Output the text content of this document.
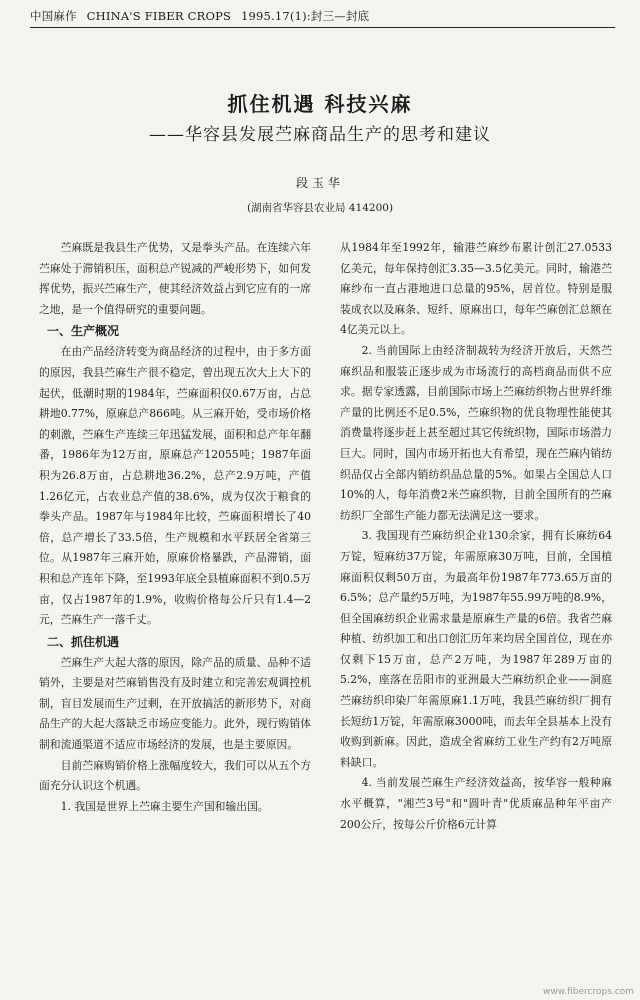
中国麻作 CHINA'S FIBER CROPS 1995.17(1):封三—封底
抓住机遇 科技兴麻
——华容县发展苎麻商品生产的思考和建议
段玉华
(湖南省华容县农业局 414200)

苎麻既是我县生产优势，又是拳头产品。在连续六年苎麻处于滞销积压，面积总产锐减的严峻形势下，如何发挥优势，振兴苎麻生产，使其经济效益占到它应有的一席之地，是一个值得研究的重要问题。

一、生产概况

在由产品经济转变为商品经济的过程中，由于多方面的原因，我县苎麻生产很不稳定，曾出现五次大上大下的起伏，低潮时期的1984年，苎麻面积仅0.67万亩，占总耕地0.77%，原麻总产866吨。从三麻开始，受市场价格的刺激，苎麻生产连续三年迅猛发展，面积和总产年年翻番，1986年为12万亩，原麻总产12055吨；1987年面积为26.8万亩，占总耕地36.2%，总产2.9万吨，产值1.26亿元，占农业总产值的38.6%，成为仅次于粮食的拳头产品。1987年与1984年比较，苎麻面积增长了40倍，总产增长了33.5倍，生产规模和水平跃居全省第三位。从1987年三麻开始，原麻价格暴跌，产品滞销，面积和总产连年下降，至1993年底全县植麻面积不到0.5万亩，仅占1987年的1.9%，收购价格每公斤只有1.4—2元，苎麻生产一落千丈。

二、抓住机遇

苎麻生产大起大落的原因，除产品的质量、品种不适销外，主要是对苎麻销售没有及时建立和完善宏观调控机制，盲目发展而生产过剩，在开放搞活的新形势下，对商品生产的大起大落缺乏市场应变能力。此外，现行购销体制和流通渠道不适应市场经济的发展，也是主要原因。

目前苎麻购销价格上涨幅度较大，我们可以从五个方面充分认识这个机遇。

1. 我国是世界上苎麻主要生产国和输出国。

从1984年至1992年，输港苎麻纱布累计创汇27.0533亿美元，每年保持创汇3.35—3.5亿美元。同时，输港苎麻纱布一直占港地进口总量的95%，居首位。特别是服装成衣以及麻条、短纤、原麻出口，每年苎麻创汇总额在4亿美元以上。

2. 当前国际上由经济制裁转为经济开放后，天然苎麻织品和服装正逐步成为市场流行的高档商品而供不应求。据专家透露，目前国际市场上苎麻纺织物占世界纤维产量的比例还不足0.5%，苎麻织物的优良物理性能使其消费量将逐步赶上甚至超过其它传统织物，国际市场潜力巨大。同时，国内市场开拓也大有希望，现在苎麻内销纺织品仅占全部内销纺织品总量的5%。如果占全国总人口10%的人，每年消费2米苎麻织物，目前全国所有的苎麻纺织厂全部生产能力都无法满足这一要求。

3. 我国现有苎麻纺织企业130余家，拥有长麻纺64万锭，短麻纺37万锭，年需原麻30万吨，目前，全国植麻面积仅剩50万亩，为最高年份1987年773.65万亩的6.5%；总产量约5万吨，为1987年55.99万吨的8.9%，但全国麻纺织企业需求量是原麻生产量的6倍。我省苎麻种植、纺织加工和出口创汇历年来均居全国首位，现在亦仅剩下15万亩，总产2万吨，为1987年289万亩的5.2%，座落在岳阳市的亚洲最大苎麻纺织企业——洞庭苎麻纺织印染厂年需原麻1.1万吨，我县苎麻纺织厂拥有长短纺1万锭，年需原麻3000吨，而去年全县基本上没有收购到新麻。因此，造成全省麻纺工业生产约有2万吨原料缺口。

4. 当前发展苎麻生产经济效益高，按华容一般种麻水平概算，"湘苎3号"和"圆叶青"优质麻品种年平亩产200公斤，按每公斤价格6元计算

www.fibercrops.com
